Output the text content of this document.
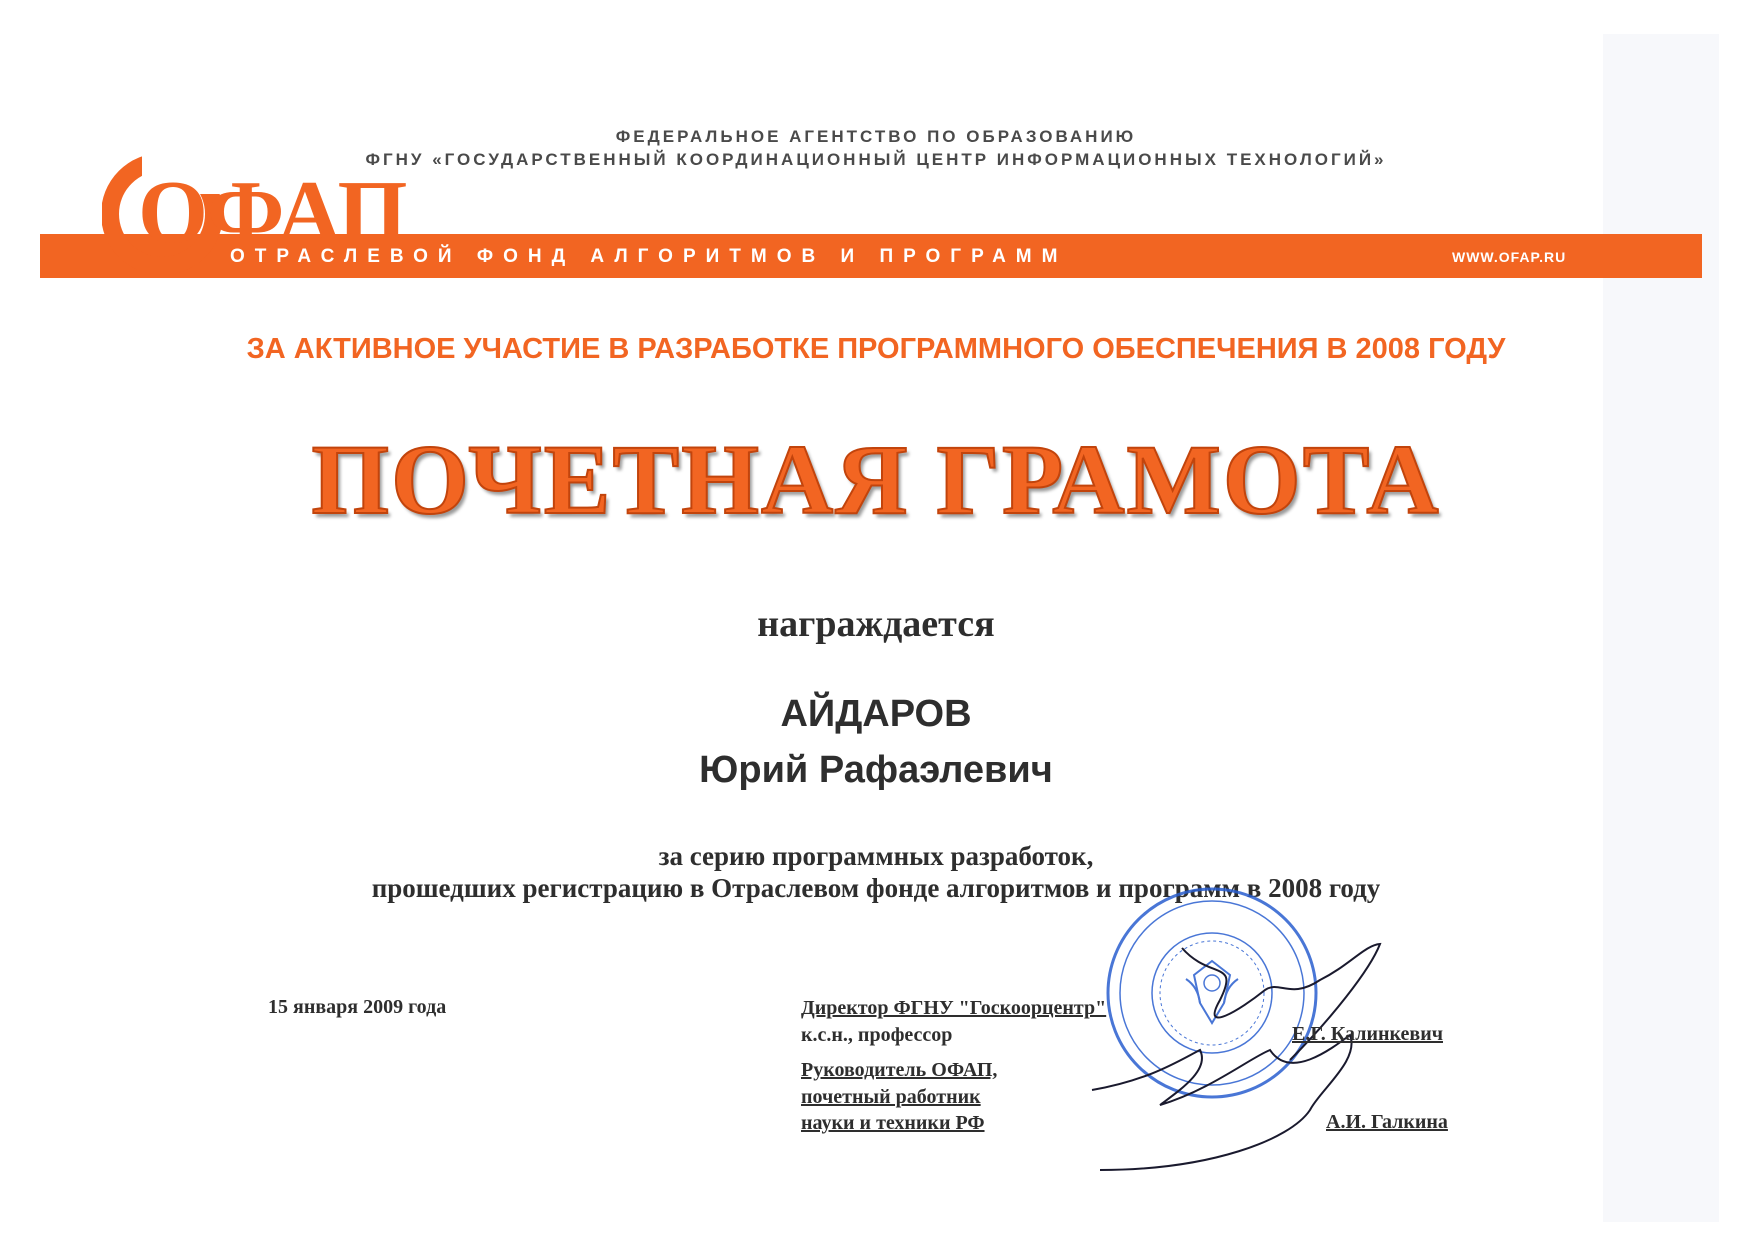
ФЕДЕРАЛЬНОЕ АГЕНТСТВО ПО ОБРАЗОВАНИЮ
ФГНУ «ГОСУДАРСТВЕННЫЙ КООРДИНАЦИОННЫЙ ЦЕНТР ИНФОРМАЦИОННЫХ ТЕХНОЛОГИЙ»
ОФАП
ОТРАСЛЕВОЙ ФОНД АЛГОРИТМОВ И ПРОГРАММ	WWW.OFAP.RU
ЗА АКТИВНОЕ УЧАСТИЕ В РАЗРАБОТКЕ ПРОГРАММНОГО ОБЕСПЕЧЕНИЯ В 2008 ГОДУ
ПОЧЕТНАЯ ГРАМОТА
награждается
АЙДАРОВ
Юрий Рафаэлевич
за серию программных разработок,
прошедших регистрацию в Отраслевом фонде алгоритмов и программ в 2008 году
15 января 2009 года	Директор ФГНУ "Госкоорцентр"
к.с.н., профессор	Е.Г. Калинкевич
Руководитель ОФАП,
почетный работник
науки и техники РФ	А.И. Галкина
